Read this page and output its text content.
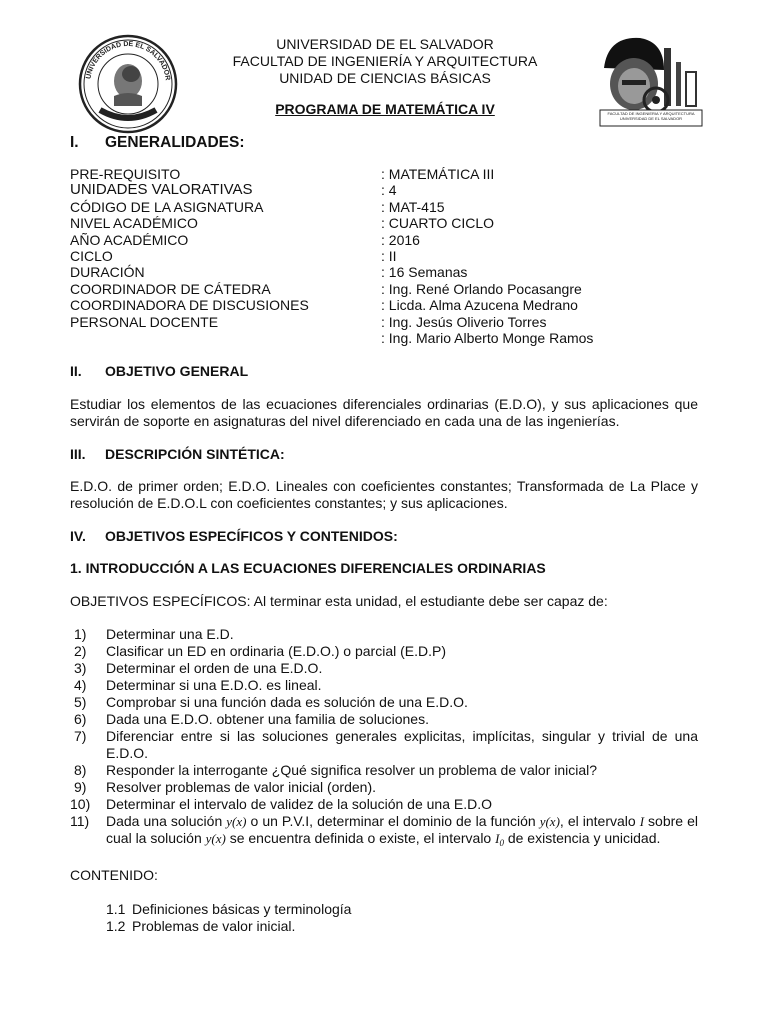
UNIVERSIDAD DE EL SALVADOR
FACULTAD DE INGENIERIA Y ARQUITECTURA UNIVERSIDAD DE EL SALVADOR
UNIVERSIDAD DE EL SALVADOR
FACULTAD DE INGENIERÍA Y ARQUITECTURA
UNIDAD DE CIENCIAS BÁSICAS
PROGRAMA DE MATEMÁTICA IV
I. GENERALIDADES:
PRE-REQUISITO	: MATEMÁTICA III
UNIDADES VALORATIVAS	: 4
CÓDIGO DE LA ASIGNATURA	: MAT-415
NIVEL ACADÉMICO	: CUARTO CICLO
AÑO ACADÉMICO	: 2016
CICLO	: II
DURACIÓN	: 16 Semanas
COORDINADOR DE CÁTEDRA	: Ing. René Orlando Pocasangre
COORDINADORA DE DISCUSIONES	: Licda. Alma Azucena Medrano
PERSONAL DOCENTE	: Ing. Jesús Oliverio Torres
: Ing. Mario Alberto Monge Ramos
II. OBJETIVO GENERAL
Estudiar los elementos de las ecuaciones diferenciales ordinarias (E.D.O), y sus aplicaciones que servirán de soporte en asignaturas del nivel diferenciado en cada una de las ingenierías.
III. DESCRIPCIÓN SINTÉTICA:
E.D.O. de primer orden; E.D.O. Lineales con coeficientes constantes; Transformada de La Place y resolución de E.D.O.L con coeficientes constantes; y sus aplicaciones.
IV. OBJETIVOS ESPECÍFICOS Y CONTENIDOS:
1. INTRODUCCIÓN A LAS ECUACIONES DIFERENCIALES ORDINARIAS
OBJETIVOS ESPECÍFICOS: Al terminar esta unidad, el estudiante debe ser capaz de:
1)	Determinar una E.D.
2)	Clasificar un ED en ordinaria (E.D.O.) o parcial (E.D.P)
3)	Determinar el orden de una E.D.O.
4)	Determinar si una E.D.O. es lineal.
5)	Comprobar si una función dada es solución de una E.D.O.
6)	Dada una E.D.O. obtener una familia de soluciones.
7)	Diferenciar entre si las soluciones generales explicitas, implícitas, singular y trivial de una E.D.O.
8)	Responder la interrogante ¿Qué significa resolver un problema de valor inicial?
9)	Resolver problemas de valor inicial (orden).
10)	Determinar el intervalo de validez de la solución de una E.D.O
11)	Dada una solución y(x) o un P.V.I, determinar el dominio de la función y(x), el intervalo I sobre el cual la solución y(x) se encuentra definida o existe, el intervalo $I_0$ de existencia y unicidad.
CONTENIDO:
1.1 Definiciones básicas y terminología
1.2 Problemas de valor inicial.
